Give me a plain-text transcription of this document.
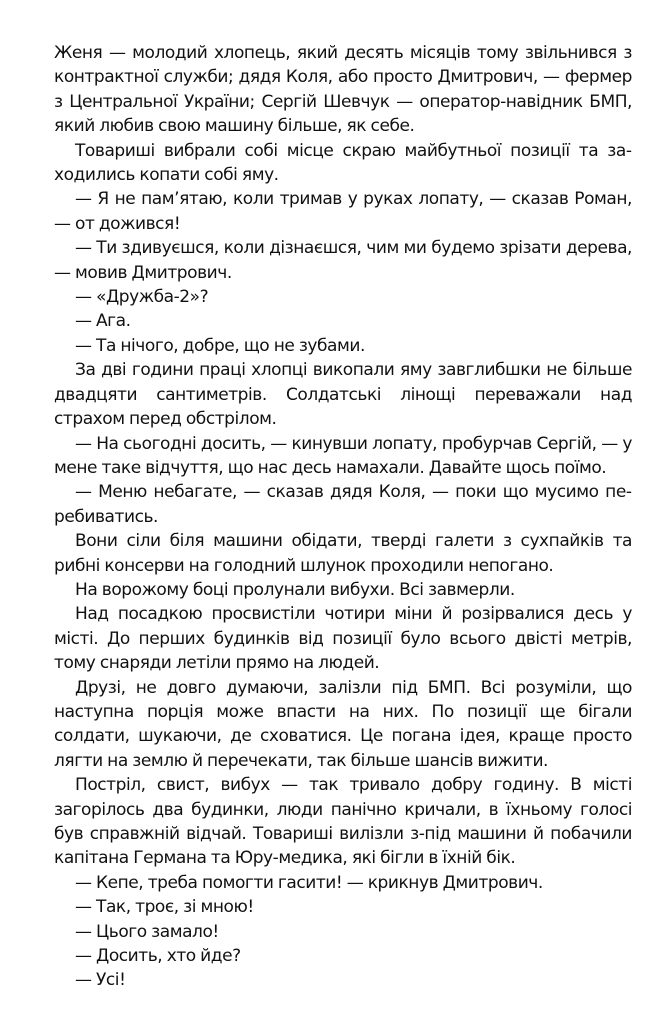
Женя — молодий хлопець, який десять місяців тому звільнився з контрактної служби; дядя Коля, або просто Дмитрович, — фермер з Центральної України; Сергій Шевчук — оператор-навідник БМП, який любив свою машину більше, як себе.

Товариші вибрали собі місце скраю майбутньої позиції та заходились копати собі яму.

— Я не пам’ятаю, коли тримав у руках лопату, — сказав Роман, — от дожився!

— Ти здивуєшся, коли дізнаєшся, чим ми будемо зрізати дерева, — мовив Дмитрович.

— «Дружба-2»?

— Ага.

— Та нічого, добре, що не зубами.

За дві години праці хлопці викопали яму завглибшки не більше двадцяти сантиметрів. Солдатські лінощі переважали над страхом перед обстрілом.

— На сьогодні досить, — кинувши лопату, пробурчав Сергій, — у мене таке відчуття, що нас десь намахали. Давайте щось поїмо.

— Меню небагате, — сказав дядя Коля, — поки що мусимо перебиватись.

Вони сіли біля машини обідати, тверді галети з сухпайків та рибні консерви на голодний шлунок проходили непогано.

На ворожому боці пролунали вибухи. Всі завмерли.

Над посадкою просвистіли чотири міни й розірвалися десь у місті. До перших будинків від позиції було всього двісті метрів, тому снаряди летіли прямо на людей.

Друзі, не довго думаючи, залізли під БМП. Всі розуміли, що наступна порція може впасти на них. По позиції ще бігали солдати, шукаючи, де сховатися. Це погана ідея, краще просто лягти на землю й перечекати, так більше шансів вижити.

Постріл, свист, вибух — так тривало добру годину. В місті загорілось два будинки, люди панічно кричали, в їхньому голосі був справжній відчай. Товариші вилізли з-під машини й побачили капітана Германа та Юру-медика, які бігли в їхній бік.

— Кепе, треба помогти гасити! — крикнув Дмитрович.

— Так, троє, зі мною!

— Цього замало!

— Досить, хто йде?

— Усі!
